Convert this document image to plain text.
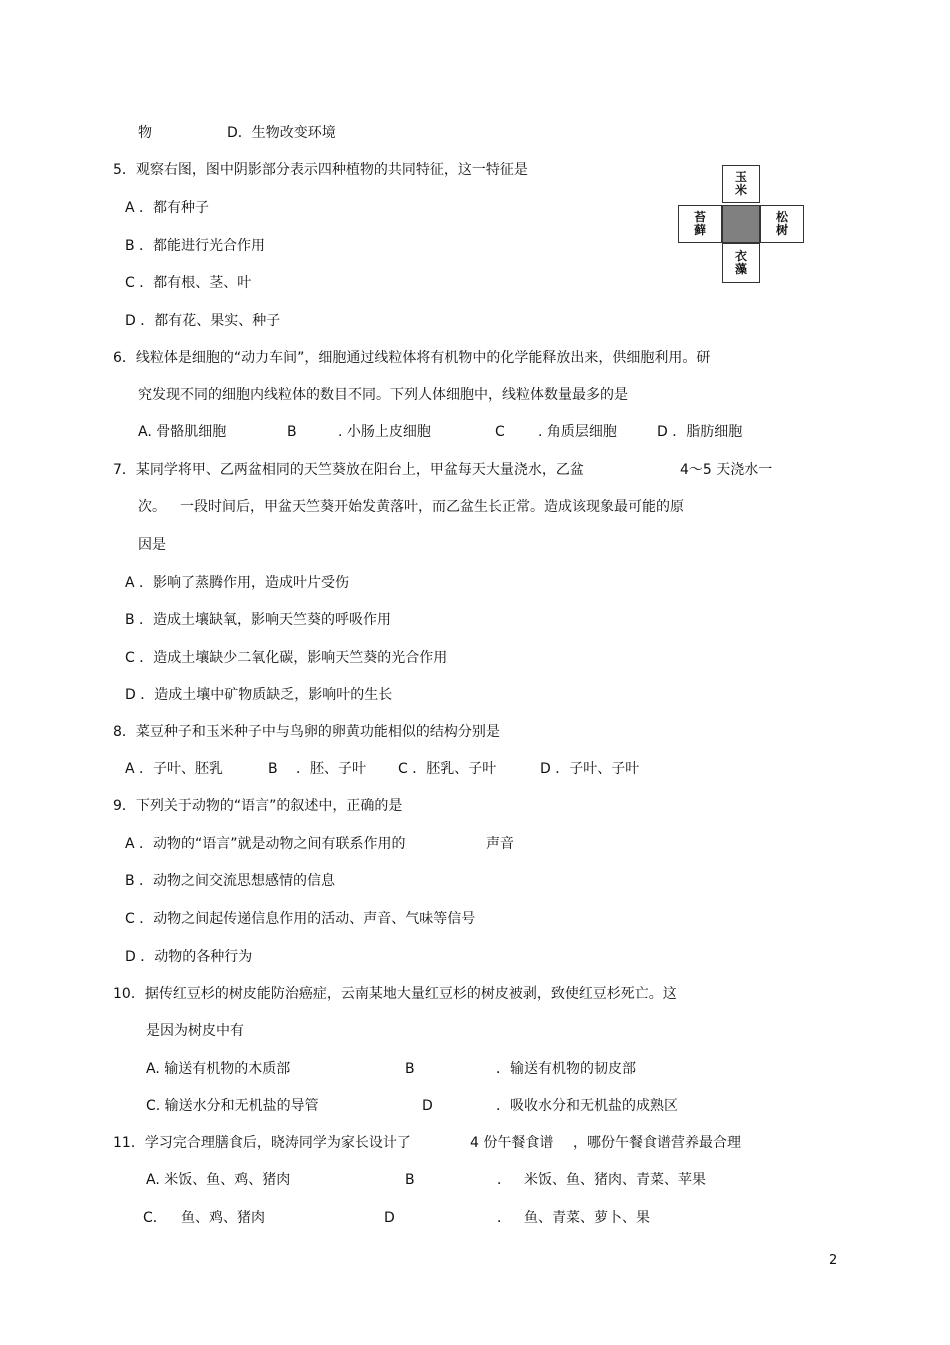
物	D．生物改变环境
5．观察右图，图中阴影部分表示四种植物的共同特征，这一特征是
A ．都有种子
B ．都能进行光合作用
C ．都有根、茎、叶
D ．都有花、果实、种子
6．线粒体是细胞的“动力车间”，细胞通过线粒体将有机物中的化学能释放出来，供细胞利用。研
究发现不同的细胞内线粒体的数目不同。下列人体细胞中，线粒体数量最多的是
A. 骨骼肌细胞	B	. 小肠上皮细胞	C . 角质层细胞	D ．脂肪细胞
7．某同学将甲、乙两盆相同的天竺葵放在阳台上，甲盆每天大量浇水，乙盆	4～5 天浇水一
次。 一段时间后，甲盆天竺葵开始发黄落叶，而乙盆生长正常。造成该现象最可能的原
因是
A ．影响了蒸腾作用，造成叶片受伤
B ．造成土壤缺氧，影响天竺葵的呼吸作用
C ．造成土壤缺少二氧化碳，影响天竺葵的光合作用
D ．造成土壤中矿物质缺乏，影响叶的生长
8．菜豆种子和玉米种子中与鸟卵的卵黄功能相似的结构分别是
A ．子叶、胚乳	B ．胚、子叶 C ．胚乳、子叶	D ．子叶、子叶
9．下列关于动物的“语言”的叙述中，正确的是
A ．动物的“语言”就是动物之间有联系作用的	声音
B ．动物之间交流思想感情的信息
C ．动物之间起传递信息作用的活动、声音、气味等信号
D ．动物的各种行为
10．据传红豆杉的树皮能防治癌症，云南某地大量红豆杉的树皮被剥，致使红豆杉死亡。这
是因为树皮中有
A. 输送有机物的木质部	B	．输送有机物的韧皮部
C. 输送水分和无机盐的导管	D	．吸收水分和无机盐的成熟区
11．学习完合理膳食后，晓涛同学为家长设计了	4 份午餐食谱 ，哪份午餐食谱营养最合理
A. 米饭、鱼、鸡、猪肉	B	． 米饭、鱼、猪肉、青菜、苹果
C． 鱼、鸡、猪肉	D	． 鱼、青菜、萝卜、果
玉米
苔藓
松树
衣藻
2
